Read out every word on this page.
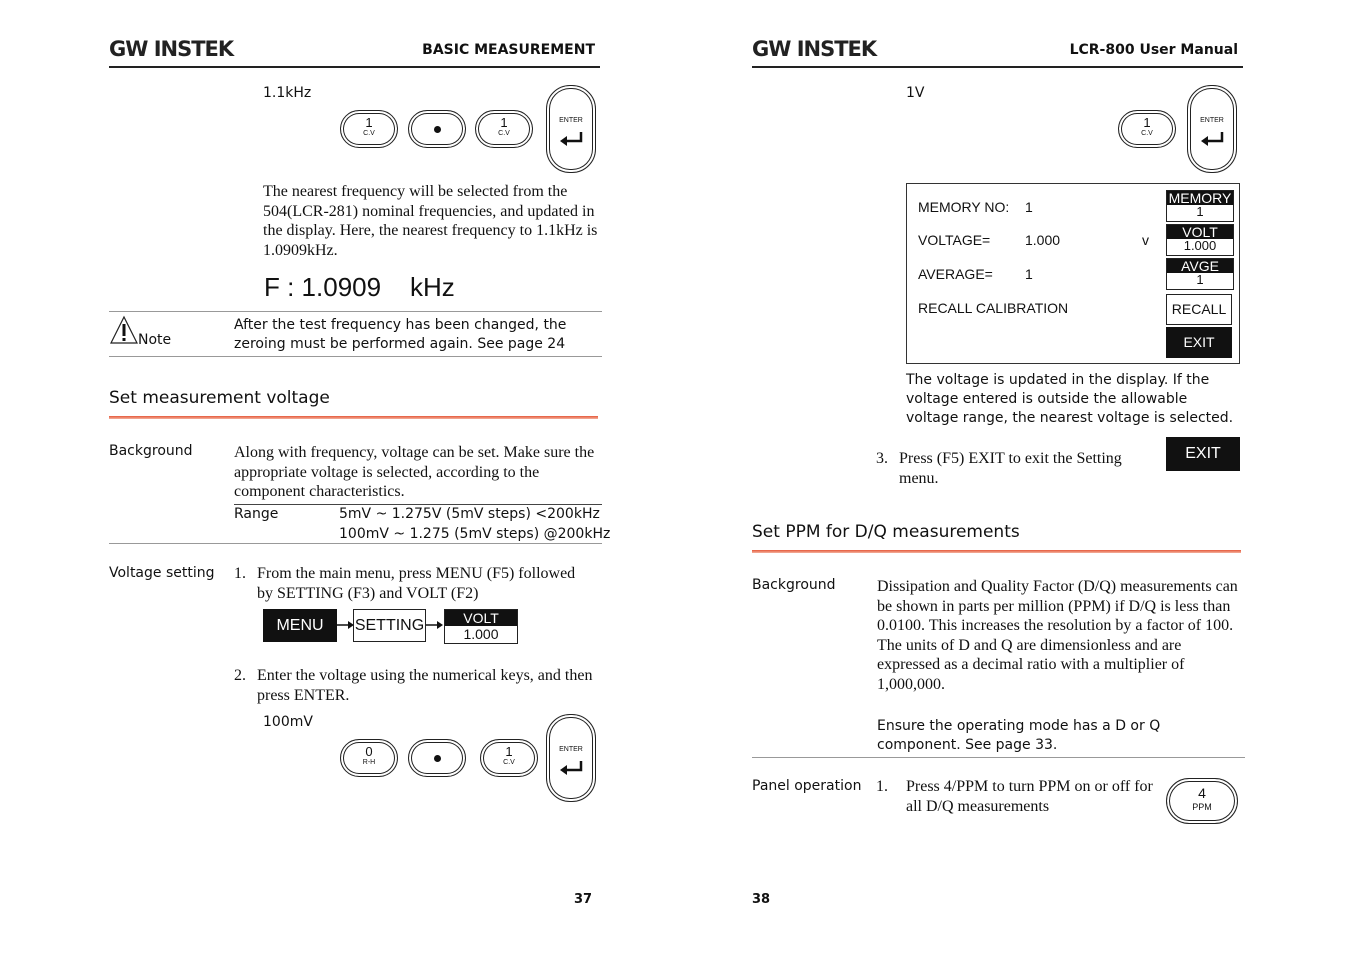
GW INSTEK	BASIC MEASUREMENT
1.1kHz
1
C.V
1
C.V
ENTER
The nearest frequency will be selected from the 504(LCR-281) nominal frequencies, and updated in the display. Here, the nearest frequency to 1.1kHz is 1.0909kHz.
F : 1.0909    kHz
Note
After the test frequency has been changed, the zeroing must be performed again. See page 24
Set measurement voltage
Background	Along with frequency, voltage can be set. Make sure the appropriate voltage is selected, according to the component characteristics.
Range	5mV ~ 1.275V (5mV steps) <200kHz
100mV ~ 1.275 (5mV steps) @200kHz
Voltage setting 1. From the main menu, press MENU (F5) followed by SETTING (F3) and VOLT (F2)
MENU	SETTING	VOLT
1.000
2. Enter the voltage using the numerical keys, and then press ENTER.
100mV
0
R-H
1
C.V
ENTER
37
GW INSTEK	LCR-800 User Manual
1V
1
C.V
ENTER
MEMORY NO: 1
VOLTAGE= 1.000	v
AVERAGE= 1
RECALL CALIBRATION
MEMORY
1
VOLT
1.000
AVGE
1
RECALL
EXIT
The voltage is updated in the display. If the voltage entered is outside the allowable voltage range, the nearest voltage is selected.
3. Press (F5) EXIT to exit the Setting menu.
EXIT
Set PPM for D/Q measurements
Background	Dissipation and Quality Factor (D/Q) measurements can be shown in parts per million (PPM) if D/Q is less than 0.0100. This increases the resolution by a factor of 100. The units of D and Q are dimensionless and are expressed as a decimal ratio with a multiplier of 1,000,000.
Ensure the operating mode has a D or Q component. See page 33.
Panel operation 1. Press 4/PPM to turn PPM on or off for all D/Q measurements
4
PPM
38
